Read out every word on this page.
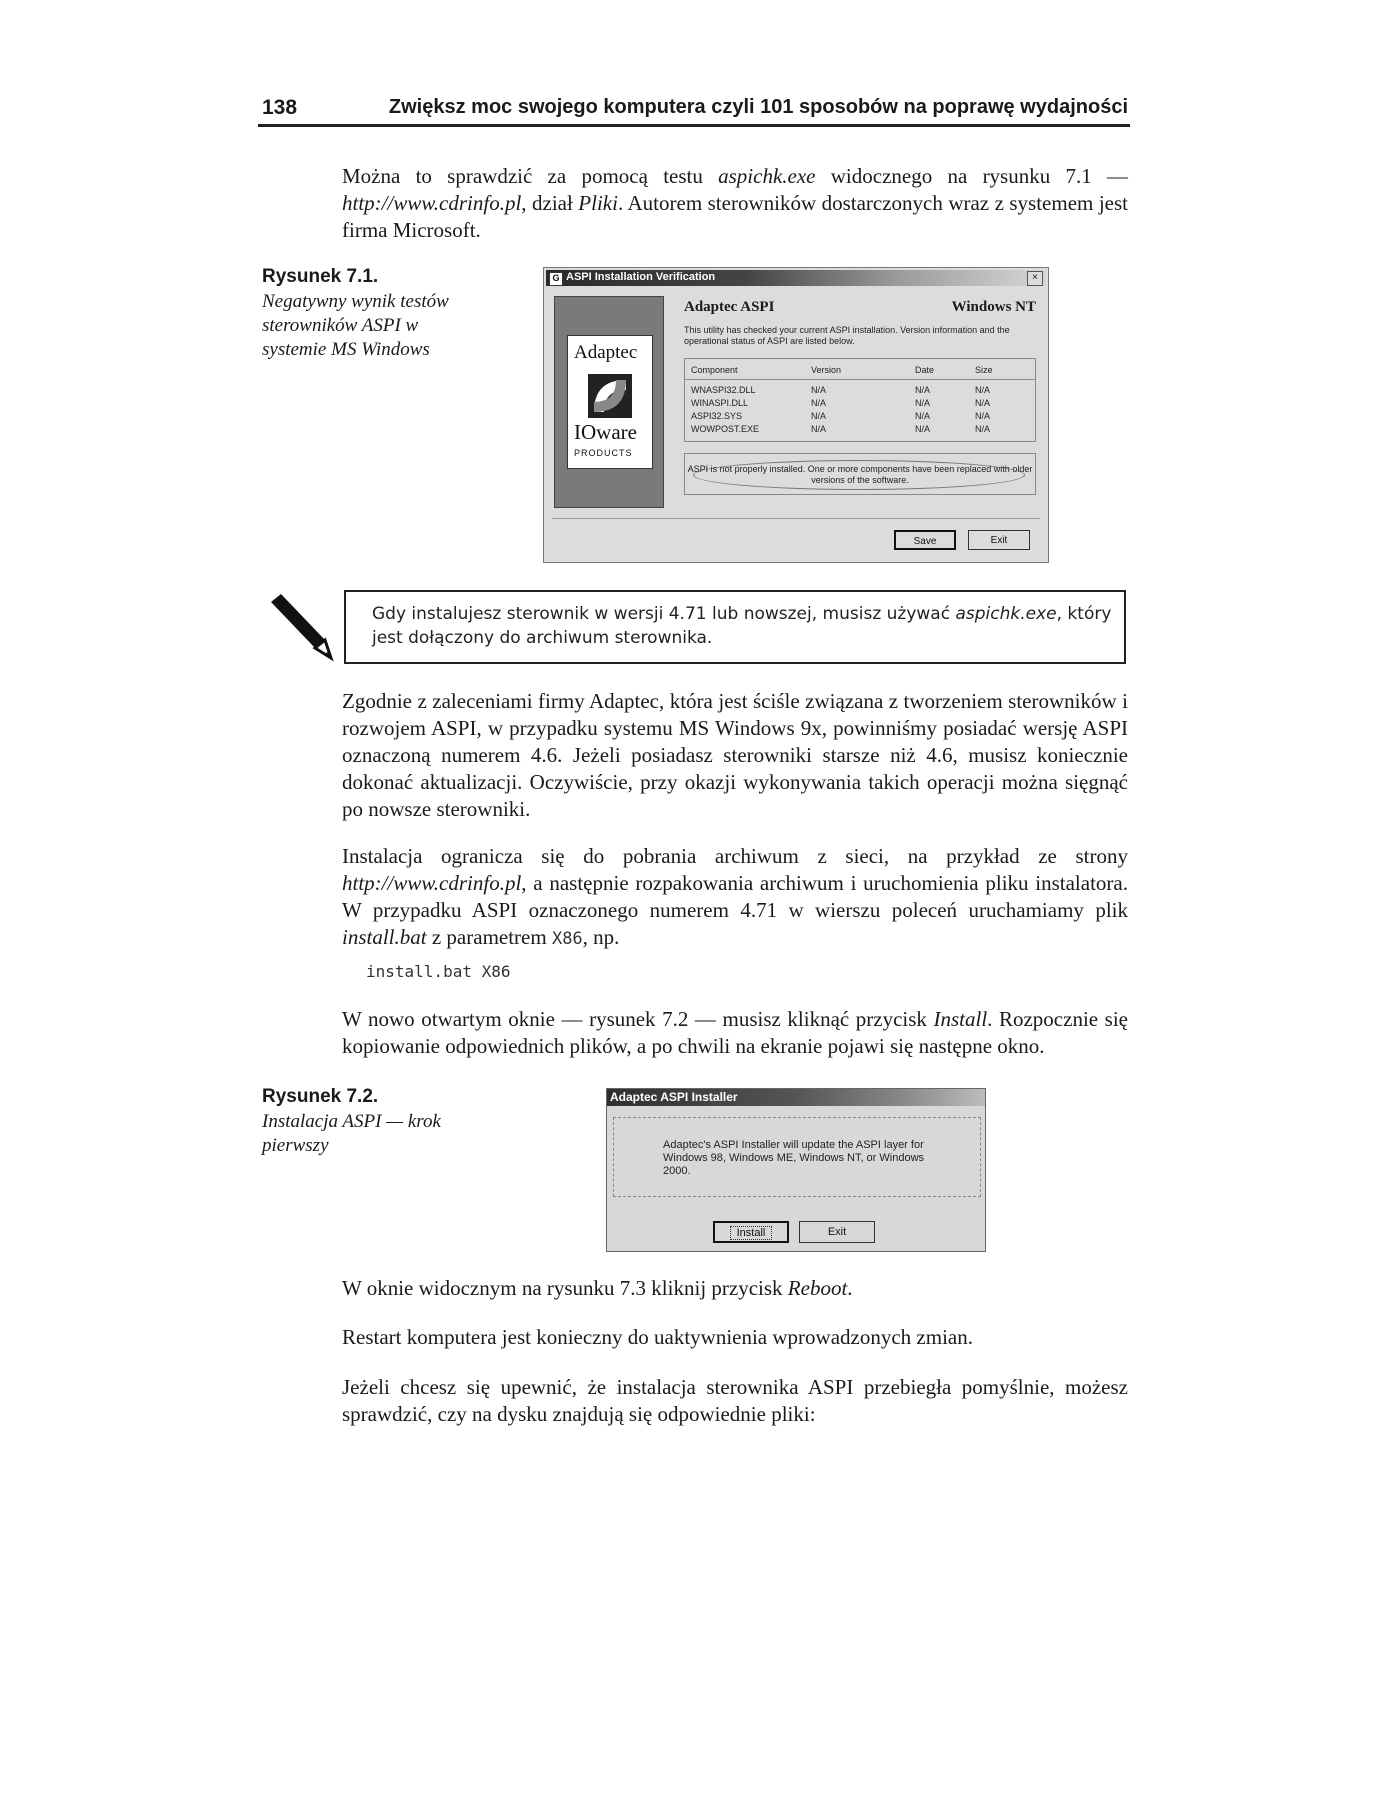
138	Zwiększ moc swojego komputera czyli 101 sposobów na poprawę wydajności
Można to sprawdzić za pomocą testu aspichk.exe widocznego na rysunku 7.1 — http://www.cdrinfo.pl, dział Pliki. Autorem sterowników dostarczonych wraz z systemem jest firma Microsoft.
Rysunek 7.1.
Negatywny wynik testów sterowników ASPI w systemie MS Windows
G ASPI Installation Verification	×
Adaptec
IOware
PRODUCTS
Adaptec ASPI	Windows NT
This utility has checked your current ASPI installation. Version information and the operational status of ASPI are listed below.
Component	Version	Date	Size
WNASPI32.DLL	N/A	N/A	N/A
WINASPI.DLL	N/A	N/A	N/A
ASPI32.SYS	N/A	N/A	N/A
WOWPOST.EXE	N/A	N/A	N/A
ASPI is not properly installed. One or more components have been replaced with older versions of the software.
Save	Exit
Gdy instalujesz sterownik w wersji 4.71 lub nowszej, musisz używać aspichk.exe, który jest dołączony do archiwum sterownika.
Zgodnie z zaleceniami firmy Adaptec, która jest ściśle związana z tworzeniem sterowników i rozwojem ASPI, w przypadku systemu MS Windows 9x, powinniśmy posiadać wersję ASPI oznaczoną numerem 4.6. Jeżeli posiadasz sterowniki starsze niż 4.6, musisz koniecznie dokonać aktualizacji. Oczywiście, przy okazji wykonywania takich operacji można sięgnąć po nowsze sterowniki.
Instalacja ogranicza się do pobrania archiwum z sieci, na przykład ze strony http://www.cdrinfo.pl, a następnie rozpakowania archiwum i uruchomienia pliku instalatora. W przypadku ASPI oznaczonego numerem 4.71 w wierszu poleceń uruchamiamy plik install.bat z parametrem X86, np.
install.bat X86
W nowo otwartym oknie — rysunek 7.2 — musisz kliknąć przycisk Install. Rozpocznie się kopiowanie odpowiednich plików, a po chwili na ekranie pojawi się następne okno.
Rysunek 7.2.
Instalacja ASPI — krok pierwszy
Adaptec ASPI Installer
Adaptec's ASPI Installer will update the ASPI layer for Windows 98, Windows ME, Windows NT, or Windows 2000.
Install	Exit
W oknie widocznym na rysunku 7.3 kliknij przycisk Reboot.
Restart komputera jest konieczny do uaktywnienia wprowadzonych zmian.
Jeżeli chcesz się upewnić, że instalacja sterownika ASPI przebiegła pomyślnie, możesz sprawdzić, czy na dysku znajdują się odpowiednie pliki:
